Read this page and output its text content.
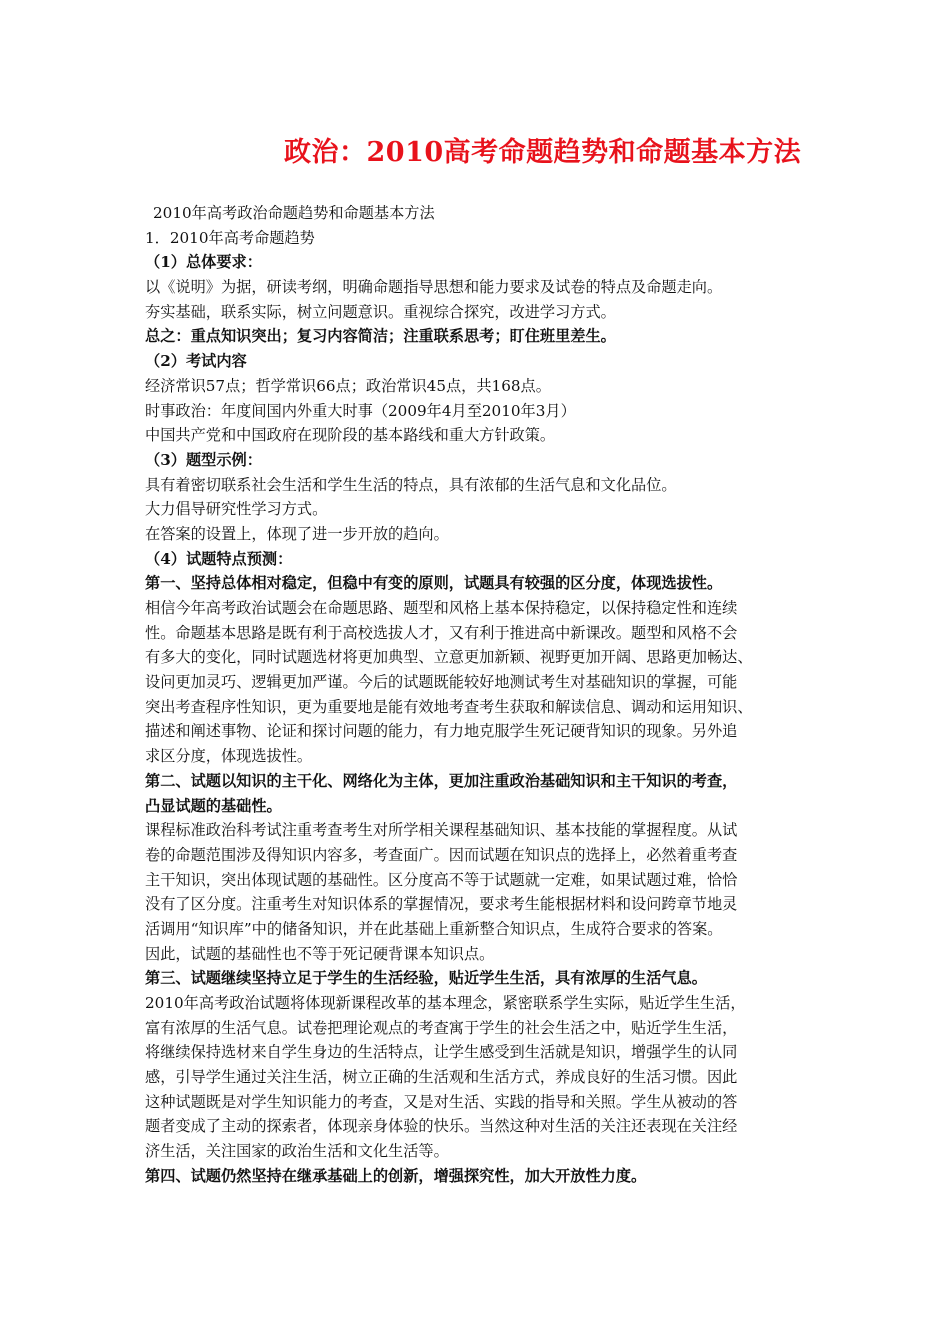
政治：2010高考命题趋势和命题基本方法
2010年高考政治命题趋势和命题基本方法
1．2010年高考命题趋势
（1）总体要求：
以《说明》为据，研读考纲，明确命题指导思想和能力要求及试卷的特点及命题走向。
夯实基础，联系实际，树立问题意识。重视综合探究，改进学习方式。
总之：重点知识突出；复习内容简洁；注重联系思考；盯住班里差生。
（2）考试内容
经济常识57点；哲学常识66点；政治常识45点，共168点。
时事政治：年度间国内外重大时事（2009年4月至2010年3月）
中国共产党和中国政府在现阶段的基本路线和重大方针政策。
（3）题型示例：
具有着密切联系社会生活和学生生活的特点，具有浓郁的生活气息和文化品位。
大力倡导研究性学习方式。
在答案的设置上，体现了进一步开放的趋向。
（4）试题特点预测：
第一、坚持总体相对稳定，但稳中有变的原则，试题具有较强的区分度，体现选拔性。
相信今年高考政治试题会在命题思路、题型和风格上基本保持稳定，以保持稳定性和连续
性。命题基本思路是既有利于高校选拔人才，又有利于推进高中新课改。题型和风格不会
有多大的变化，同时试题选材将更加典型、立意更加新颖、视野更加开阔、思路更加畅达、
设问更加灵巧、逻辑更加严谨。今后的试题既能较好地测试考生对基础知识的掌握，可能
突出考查程序性知识，更为重要地是能有效地考查考生获取和解读信息、调动和运用知识、
描述和阐述事物、论证和探讨问题的能力，有力地克服学生死记硬背知识的现象。另外追
求区分度，体现选拔性。
第二、试题以知识的主干化、网络化为主体，更加注重政治基础知识和主干知识的考查，
凸显试题的基础性。
课程标准政治科考试注重考查考生对所学相关课程基础知识、基本技能的掌握程度。从试
卷的命题范围涉及得知识内容多，考查面广。因而试题在知识点的选择上，必然着重考查
主干知识，突出体现试题的基础性。区分度高不等于试题就一定难，如果试题过难，恰恰
没有了区分度。注重考生对知识体系的掌握情况，要求考生能根据材料和设问跨章节地灵
活调用“知识库”中的储备知识，并在此基础上重新整合知识点，生成符合要求的答案。
因此，试题的基础性也不等于死记硬背课本知识点。
第三、试题继续坚持立足于学生的生活经验，贴近学生生活，具有浓厚的生活气息。
2010年高考政治试题将体现新课程改革的基本理念，紧密联系学生实际，贴近学生生活，
富有浓厚的生活气息。试卷把理论观点的考查寓于学生的社会生活之中，贴近学生生活，
将继续保持选材来自学生身边的生活特点，让学生感受到生活就是知识，增强学生的认同
感，引导学生通过关注生活，树立正确的生活观和生活方式，养成良好的生活习惯。因此
这种试题既是对学生知识能力的考查，又是对生活、实践的指导和关照。学生从被动的答
题者变成了主动的探索者，体现亲身体验的快乐。当然这种对生活的关注还表现在关注经
济生活，关注国家的政治生活和文化生活等。
第四、试题仍然坚持在继承基础上的创新，增强探究性，加大开放性力度。
